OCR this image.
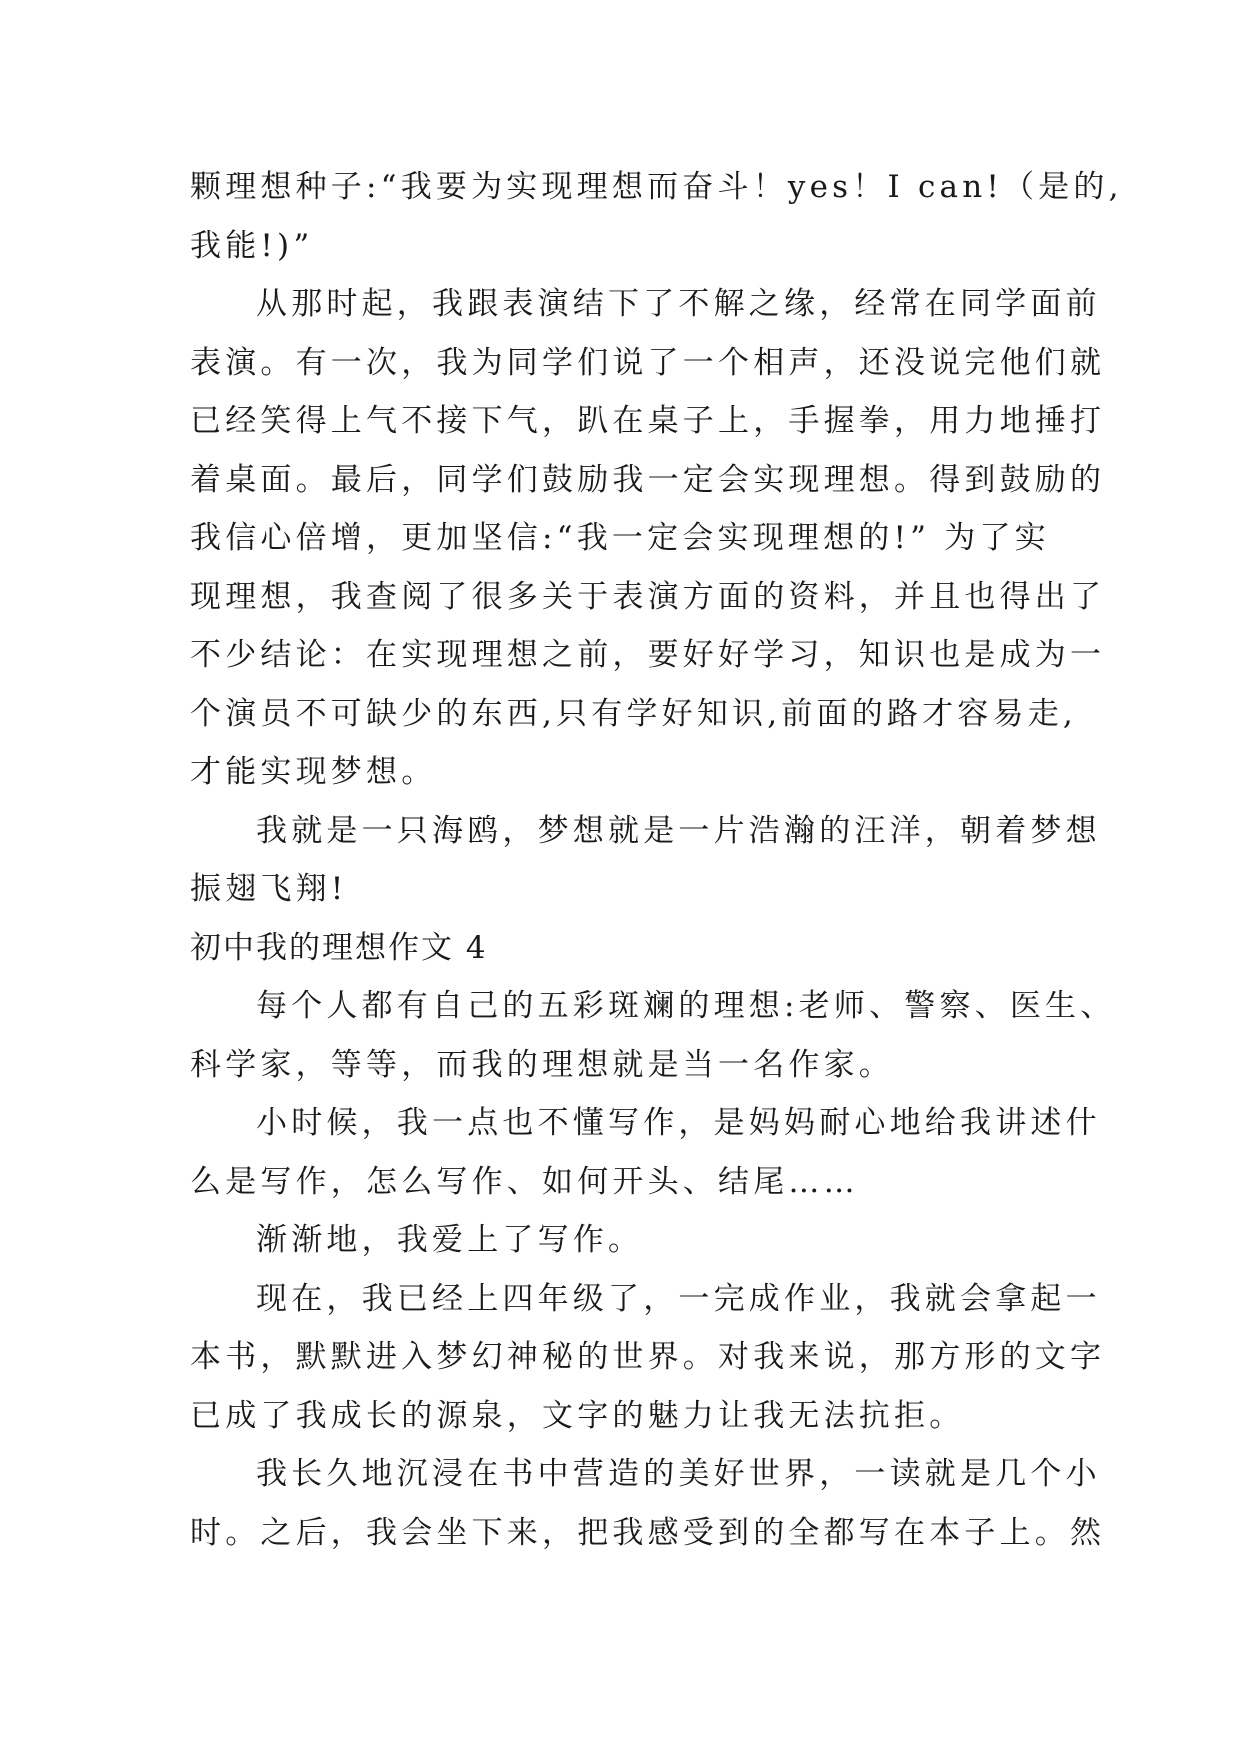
颗理想种子:“我要为实现理想而奋斗！yes！I can!（是的,
我能!)”
从那时起，我跟表演结下了不解之缘，经常在同学面前
表演。有一次，我为同学们说了一个相声，还没说完他们就
已经笑得上气不接下气，趴在桌子上，手握拳，用力地捶打
着桌面。最后，同学们鼓励我一定会实现理想。得到鼓励的
我信心倍增，更加坚信:“我一定会实现理想的!” 为了实
现理想，我查阅了很多关于表演方面的资料，并且也得出了
不少结论：在实现理想之前，要好好学习，知识也是成为一
个演员不可缺少的东西,只有学好知识,前面的路才容易走,
才能实现梦想。
我就是一只海鸥，梦想就是一片浩瀚的汪洋，朝着梦想
振翅飞翔!
初中我的理想作文 4
每个人都有自己的五彩斑斓的理想:老师、警察、医生、
科学家，等等，而我的理想就是当一名作家。
小时候，我一点也不懂写作，是妈妈耐心地给我讲述什
么是写作，怎么写作、如何开头、结尾……
渐渐地，我爱上了写作。
现在，我已经上四年级了，一完成作业，我就会拿起一
本书，默默进入梦幻神秘的世界。对我来说，那方形的文字
已成了我成长的源泉，文字的魅力让我无法抗拒。
我长久地沉浸在书中营造的美好世界，一读就是几个小
时。之后，我会坐下来，把我感受到的全都写在本子上。然
